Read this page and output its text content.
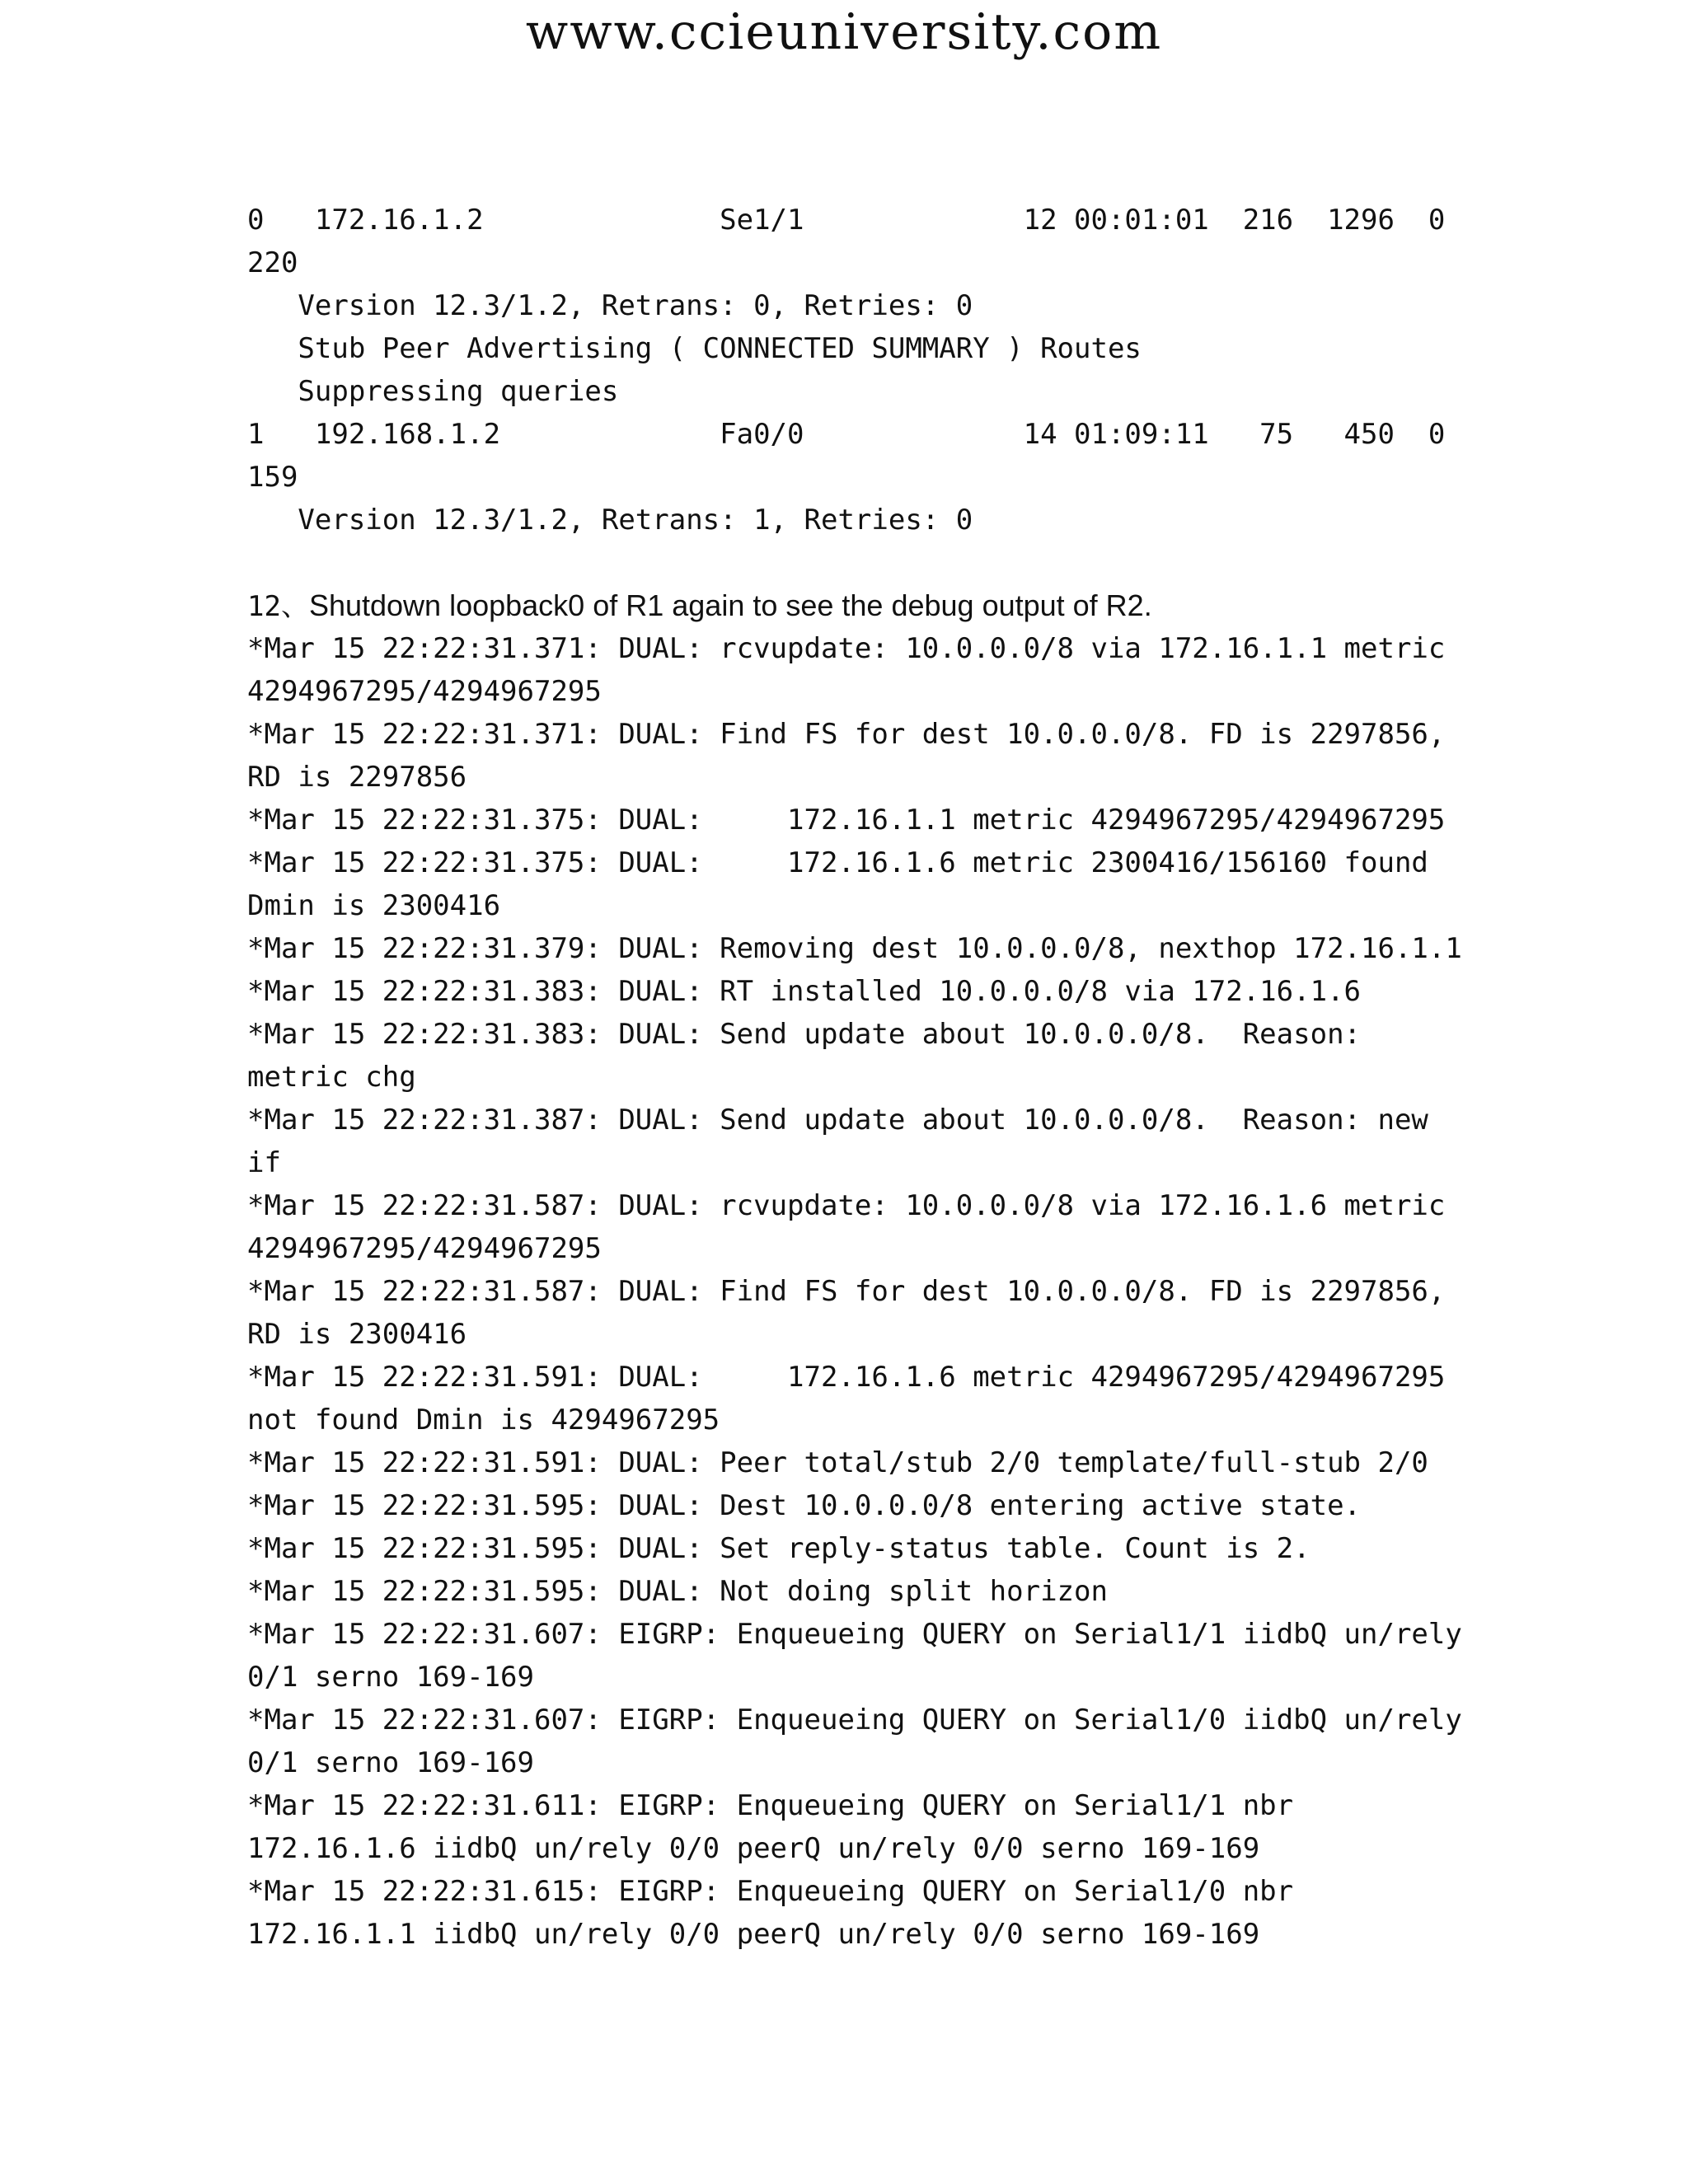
www.ccieuniversity.com
0   172.16.1.2              Se1/1             12 00:01:01  216  1296  0
220
Version 12.3/1.2, Retrans: 0, Retries: 0
Stub Peer Advertising ( CONNECTED SUMMARY ) Routes
Suppressing queries
1   192.168.1.2             Fa0/0             14 01:09:11   75   450  0
159
Version 12.3/1.2, Retrans: 1, Retries: 0
12、Shutdown loopback0 of R1 again to see the debug output of R2.
*Mar 15 22:22:31.371: DUAL: rcvupdate: 10.0.0.0/8 via 172.16.1.1 metric
4294967295/4294967295
*Mar 15 22:22:31.371: DUAL: Find FS for dest 10.0.0.0/8. FD is 2297856,
RD is 2297856
*Mar 15 22:22:31.375: DUAL:     172.16.1.1 metric 4294967295/4294967295
*Mar 15 22:22:31.375: DUAL:     172.16.1.6 metric 2300416/156160 found
Dmin is 2300416
*Mar 15 22:22:31.379: DUAL: Removing dest 10.0.0.0/8, nexthop 172.16.1.1
*Mar 15 22:22:31.383: DUAL: RT installed 10.0.0.0/8 via 172.16.1.6
*Mar 15 22:22:31.383: DUAL: Send update about 10.0.0.0/8.  Reason:
metric chg
*Mar 15 22:22:31.387: DUAL: Send update about 10.0.0.0/8.  Reason: new
if
*Mar 15 22:22:31.587: DUAL: rcvupdate: 10.0.0.0/8 via 172.16.1.6 metric
4294967295/4294967295
*Mar 15 22:22:31.587: DUAL: Find FS for dest 10.0.0.0/8. FD is 2297856,
RD is 2300416
*Mar 15 22:22:31.591: DUAL:     172.16.1.6 metric 4294967295/4294967295
not found Dmin is 4294967295
*Mar 15 22:22:31.591: DUAL: Peer total/stub 2/0 template/full-stub 2/0
*Mar 15 22:22:31.595: DUAL: Dest 10.0.0.0/8 entering active state.
*Mar 15 22:22:31.595: DUAL: Set reply-status table. Count is 2.
*Mar 15 22:22:31.595: DUAL: Not doing split horizon
*Mar 15 22:22:31.607: EIGRP: Enqueueing QUERY on Serial1/1 iidbQ un/rely
0/1 serno 169-169
*Mar 15 22:22:31.607: EIGRP: Enqueueing QUERY on Serial1/0 iidbQ un/rely
0/1 serno 169-169
*Mar 15 22:22:31.611: EIGRP: Enqueueing QUERY on Serial1/1 nbr
172.16.1.6 iidbQ un/rely 0/0 peerQ un/rely 0/0 serno 169-169
*Mar 15 22:22:31.615: EIGRP: Enqueueing QUERY on Serial1/0 nbr
172.16.1.1 iidbQ un/rely 0/0 peerQ un/rely 0/0 serno 169-169
